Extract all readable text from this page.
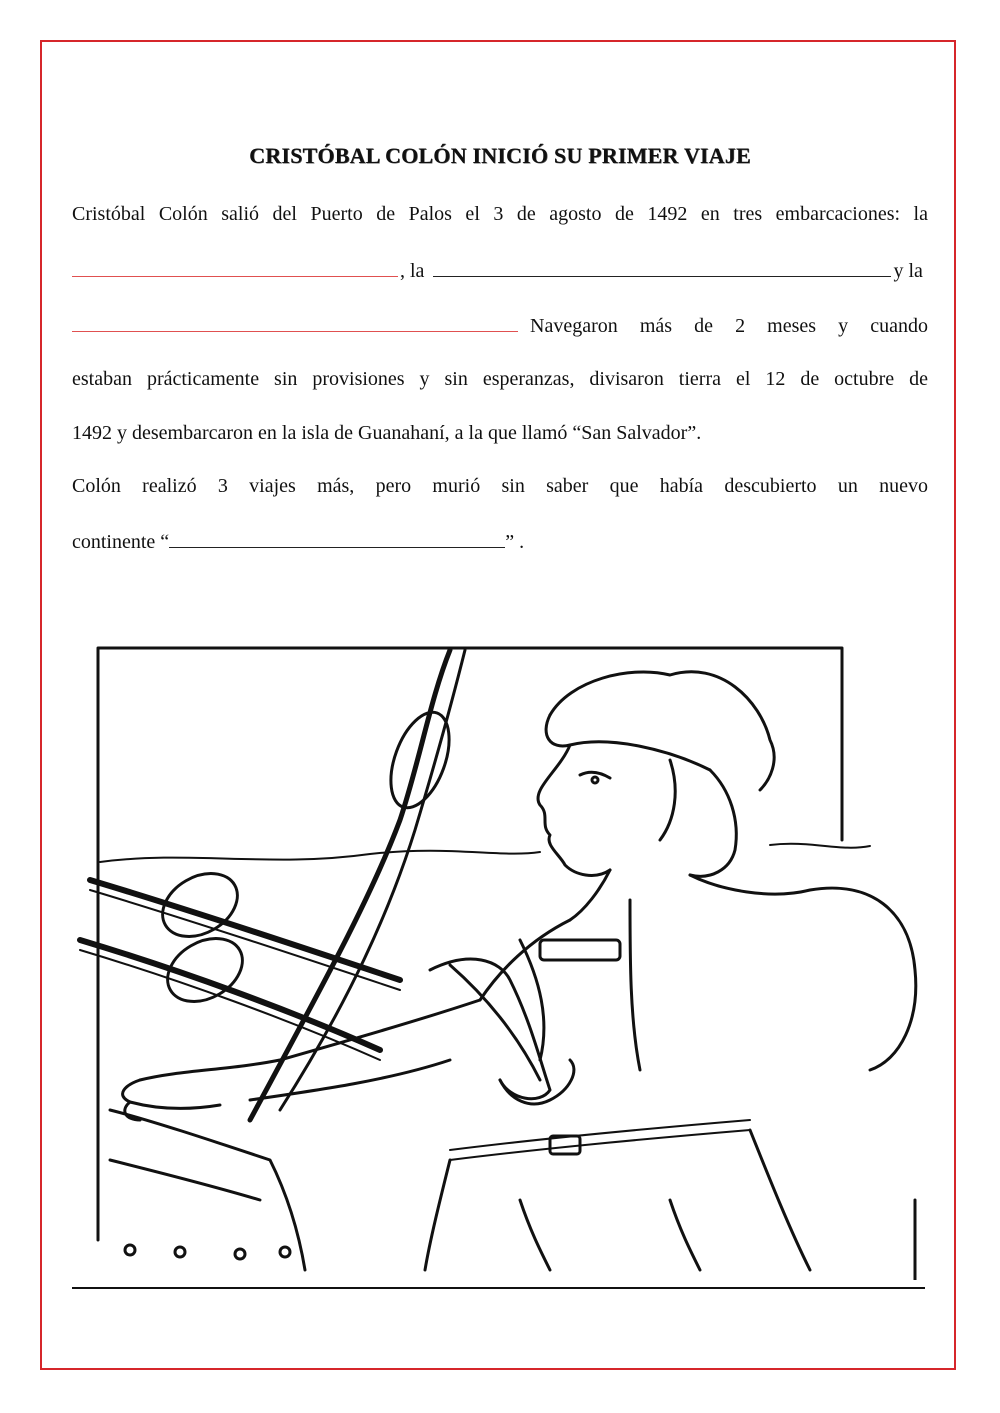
CRISTÓBAL COLÓN INICIÓ SU PRIMER VIAJE
Cristóbal Colón salió del Puerto de Palos el 3 de agosto de 1492 en tres embarcaciones: la
, la	y la
Navegaron más de 2 meses y cuando
estaban prácticamente sin provisiones y sin esperanzas, divisaron tierra el 12 de octubre de
1492 y desembarcaron en la isla de Guanahaní, a la que llamó “San Salvador”.
Colón realizó 3 viajes más, pero murió sin saber que había descubierto un nuevo
continente “	” .
